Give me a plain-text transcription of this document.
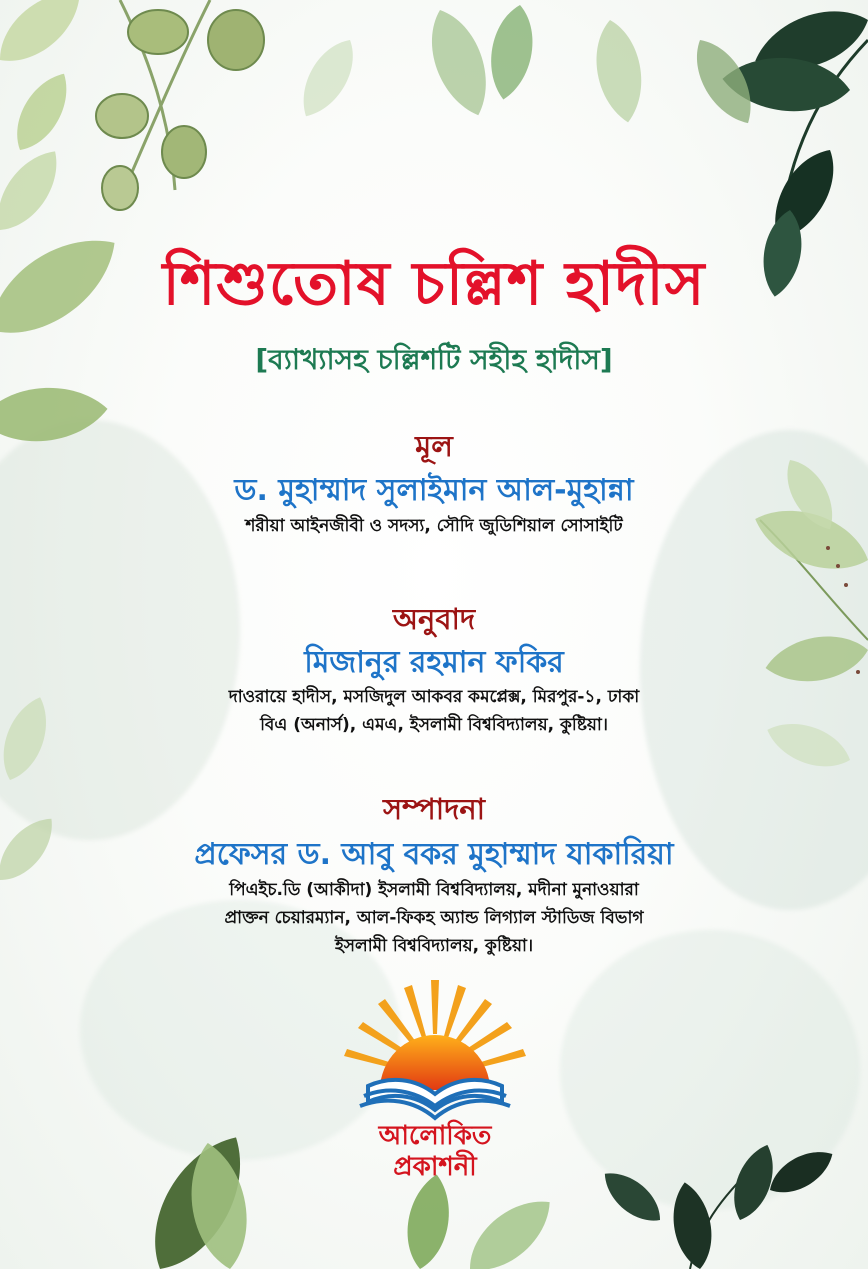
শিশুতোষ চল্লিশ হাদীস
[ব্যাখ্যাসহ চল্লিশটি সহীহ হাদীস]
মূল
ড. মুহাম্মাদ সুলাইমান আল-মুহান্না
শরীয়া আইনজীবী ও সদস্য, সৌদি জুডিশিয়াল সোসাইটি
অনুবাদ
মিজানুর রহমান ফকির
দাওরায়ে হাদীস, মসজিদুল আকবর কমপ্লেক্স, মিরপুর-১, ঢাকা
বিএ (অনার্স), এমএ, ইসলামী বিশ্ববিদ্যালয়, কুষ্টিয়া।
সম্পাদনা
প্রফেসর ড. আবু বকর মুহাম্মাদ যাকারিয়া
পিএইচ.ডি (আকীদা) ইসলামী বিশ্ববিদ্যালয়, মদীনা মুনাওয়ারা
প্রাক্তন চেয়ারম্যান, আল-ফিকহ অ্যান্ড লিগ্যাল স্টাডিজ বিভাগ
ইসলামী বিশ্ববিদ্যালয়, কুষ্টিয়া।
আলোকিত
প্রকাশনী
